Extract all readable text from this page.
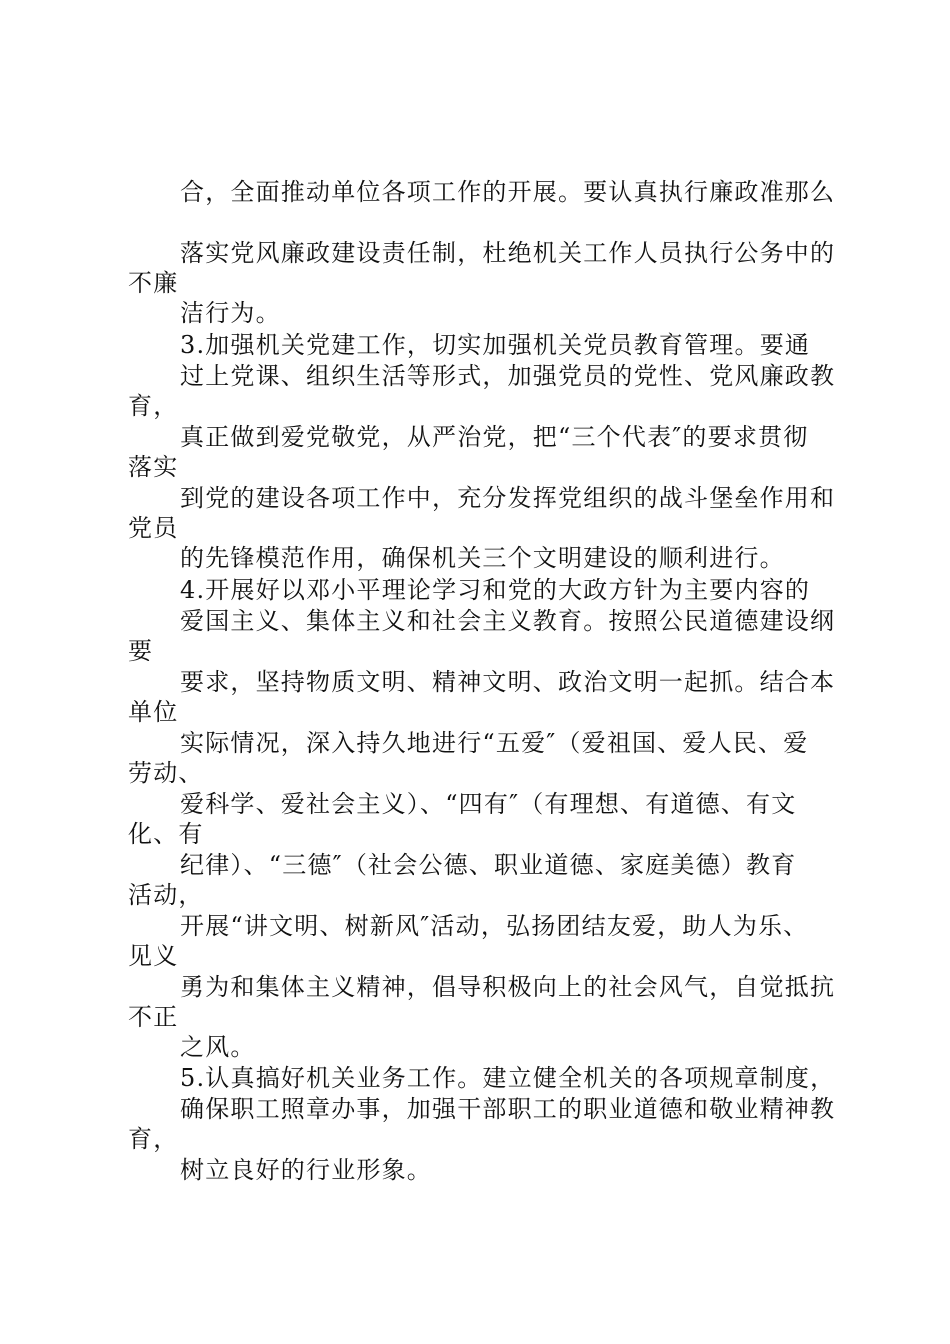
合，全面推动单位各项工作的开展。要认真执行廉政准那么
落实党风廉政建设责任制，杜绝机关工作人员执行公务中的
不廉
洁行为。
3.加强机关党建工作，切实加强机关党员教育管理。要通
过上党课、组织生活等形式，加强党员的党性、党风廉政教
育，
真正做到爱党敬党，从严治党，把“三个代表″的要求贯彻
落实
到党的建设各项工作中，充分发挥党组织的战斗堡垒作用和
党员
的先锋模范作用，确保机关三个文明建设的顺利进行。
4.开展好以邓小平理论学习和党的大政方针为主要内容的
爱国主义、集体主义和社会主义教育。按照公民道德建设纲
要
要求，坚持物质文明、精神文明、政治文明一起抓。结合本
单位
实际情况，深入持久地进行“五爱″（爱祖国、爱人民、爱
劳动、
爱科学、爱社会主义）、“四有″（有理想、有道德、有文
化、有
纪律）、“三德″（社会公德、职业道德、家庭美德）教育
活动，
开展“讲文明、树新风″活动，弘扬团结友爱，助人为乐、
见义
勇为和集体主义精神，倡导积极向上的社会风气，自觉抵抗
不正
之风。
5.认真搞好机关业务工作。建立健全机关的各项规章制度，
确保职工照章办事，加强干部职工的职业道德和敬业精神教
育，
树立良好的行业形象。
